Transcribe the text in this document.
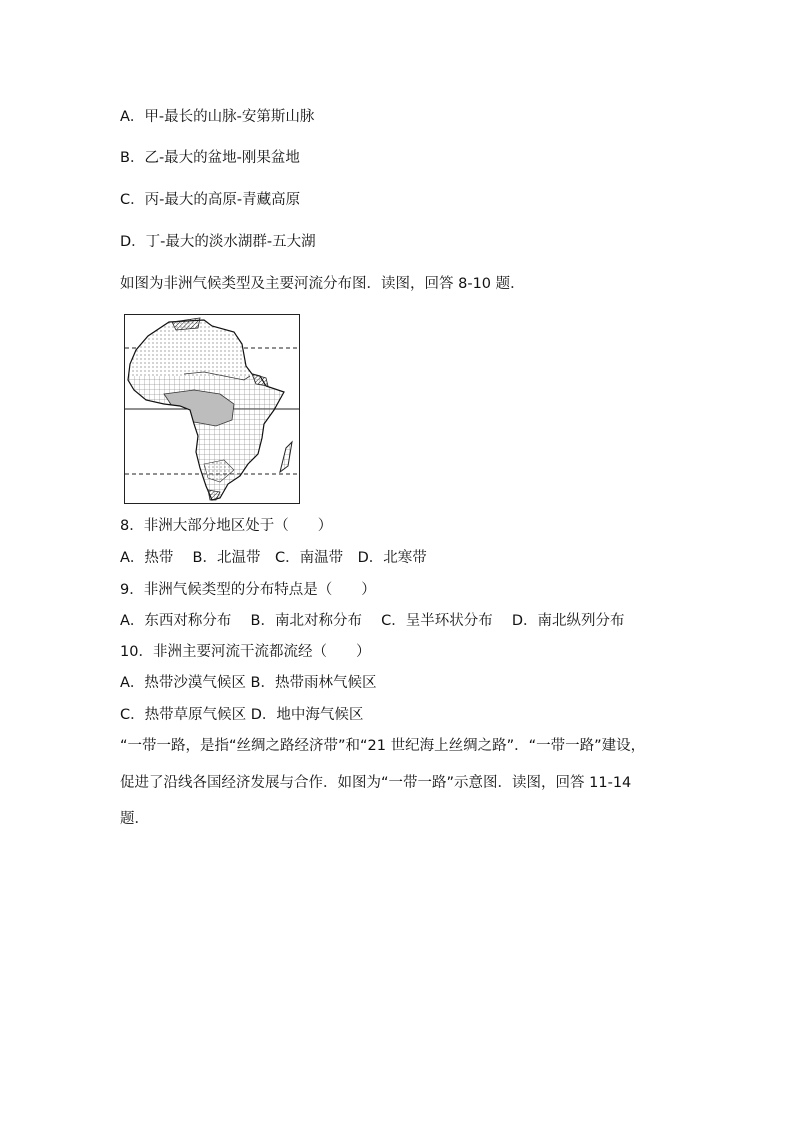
A．甲-最长的山脉-安第斯山脉
B．乙-最大的盆地-刚果盆地
C．丙-最大的高原-青藏高原
D．丁-最大的淡水湖群-五大湖
如图为非洲气候类型及主要河流分布图．读图，回答 8-10 题．
8．非洲大部分地区处于（　　）
A．热带　 B．北温带　C．南温带　D．北寒带
9．非洲气候类型的分布特点是（　　）
A．东西对称分布　 B．南北对称分布　 C．呈半环状分布　 D．南北纵列分布
10．非洲主要河流干流都流经（　　）
A．热带沙漠气候区 B．热带雨林气候区
C．热带草原气候区 D．地中海气候区
“一带一路，是指“丝绸之路经济带”和“21 世纪海上丝绸之路”．“一带一路”建设，
促进了沿线各国经济发展与合作．如图为“一带一路”示意图．读图，回答 11-14
题．
